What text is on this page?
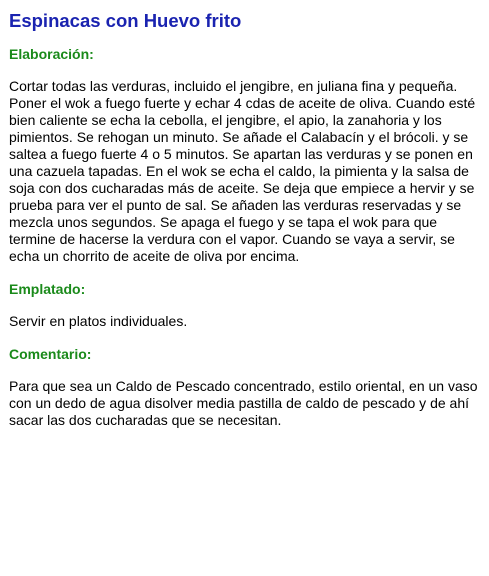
Espinacas con Huevo frito
Elaboración:

Cortar todas las verduras, incluido el jengibre, en juliana fina y pequeña. Poner el wok a fuego fuerte y echar 4 cdas de aceite de oliva. Cuando esté bien caliente se echa la cebolla, el jengibre, el apio, la zanahoria y los pimientos. Se rehogan un minuto. Se añade el Calabacín y el brócoli. y se saltea a fuego fuerte 4 o 5 minutos. Se apartan las verduras y se ponen en una cazuela tapadas. En el wok se echa el caldo, la pimienta y la salsa de soja con dos cucharadas más de aceite. Se deja que empiece a hervir y se prueba para ver el punto de sal. Se añaden las verduras reservadas y se mezcla unos segundos. Se apaga el fuego y se tapa el wok para que termine de hacerse la verdura con el vapor. Cuando se vaya a servir, se echa un chorrito de aceite de oliva por encima.

Emplatado:

Servir en platos individuales.

Comentario:

Para que sea un Caldo de Pescado concentrado, estilo oriental, en un vaso con un dedo de agua disolver media pastilla de caldo de pescado y de ahí sacar las dos cucharadas que se necesitan.
